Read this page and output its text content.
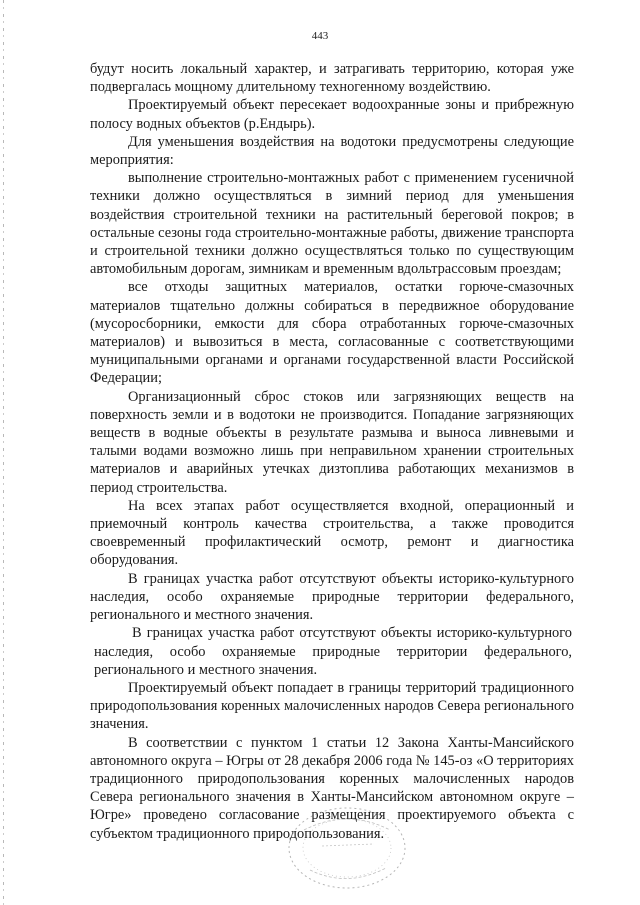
443

будут носить локальный характер, и затрагивать территорию, которая уже подвергалась мощному длительному техногенному воздействию.

Проектируемый объект пересекает водоохранные зоны и прибрежную полосу водных объектов (р.Ендырь).

Для уменьшения воздействия на водотоки предусмотрены следующие мероприятия:

выполнение строительно-монтажных работ с применением гусеничной техники должно осуществляться в зимний период для уменьшения воздействия строительной техники на растительный береговой покров; в остальные сезоны года строительно-монтажные работы, движение транспорта и строительной техники должно осуществляться только по существующим автомобильным дорогам, зимникам и временным вдольтрассовым проездам;

все отходы защитных материалов, остатки горюче-смазочных материалов тщательно должны собираться в передвижное оборудование (мусоросборники, емкости для сбора отработанных горюче-смазочных материалов) и вывозиться в места, согласованные с соответствующими муниципальными органами и органами государственной власти Российской Федерации;

Организационный сброс стоков или загрязняющих веществ на поверхность земли и в водотоки не производится. Попадание загрязняющих веществ в водные объекты в результате размыва и выноса ливневыми и талыми водами возможно лишь при неправильном хранении строительных материалов и аварийных утечках дизтоплива работающих механизмов в период строительства.

На всех этапах работ осуществляется входной, операционный и приемочный контроль качества строительства, а также проводится своевременный профилактический осмотр, ремонт и диагностика оборудования.

В границах участка работ отсутствуют объекты историко-культурного наследия, особо охраняемые природные территории федерального, регионального и местного значения.

В границах участка работ отсутствуют объекты историко-культурного наследия, особо охраняемые природные территории федерального, регионального и местного значения.

Проектируемый объект попадает в границы территорий традиционного природопользования коренных малочисленных народов Севера регионального значения.

В соответствии с пунктом 1 статьи 12 Закона Ханты-Мансийского автономного округа – Югры от 28 декабря 2006 года № 145-оз «О территориях традиционного природопользования коренных малочисленных народов Севера регионального значения в Ханты-Мансийском автономном округе – Югре» проведено согласование размещения проектируемого объекта с субъектом традиционного природопользования.
